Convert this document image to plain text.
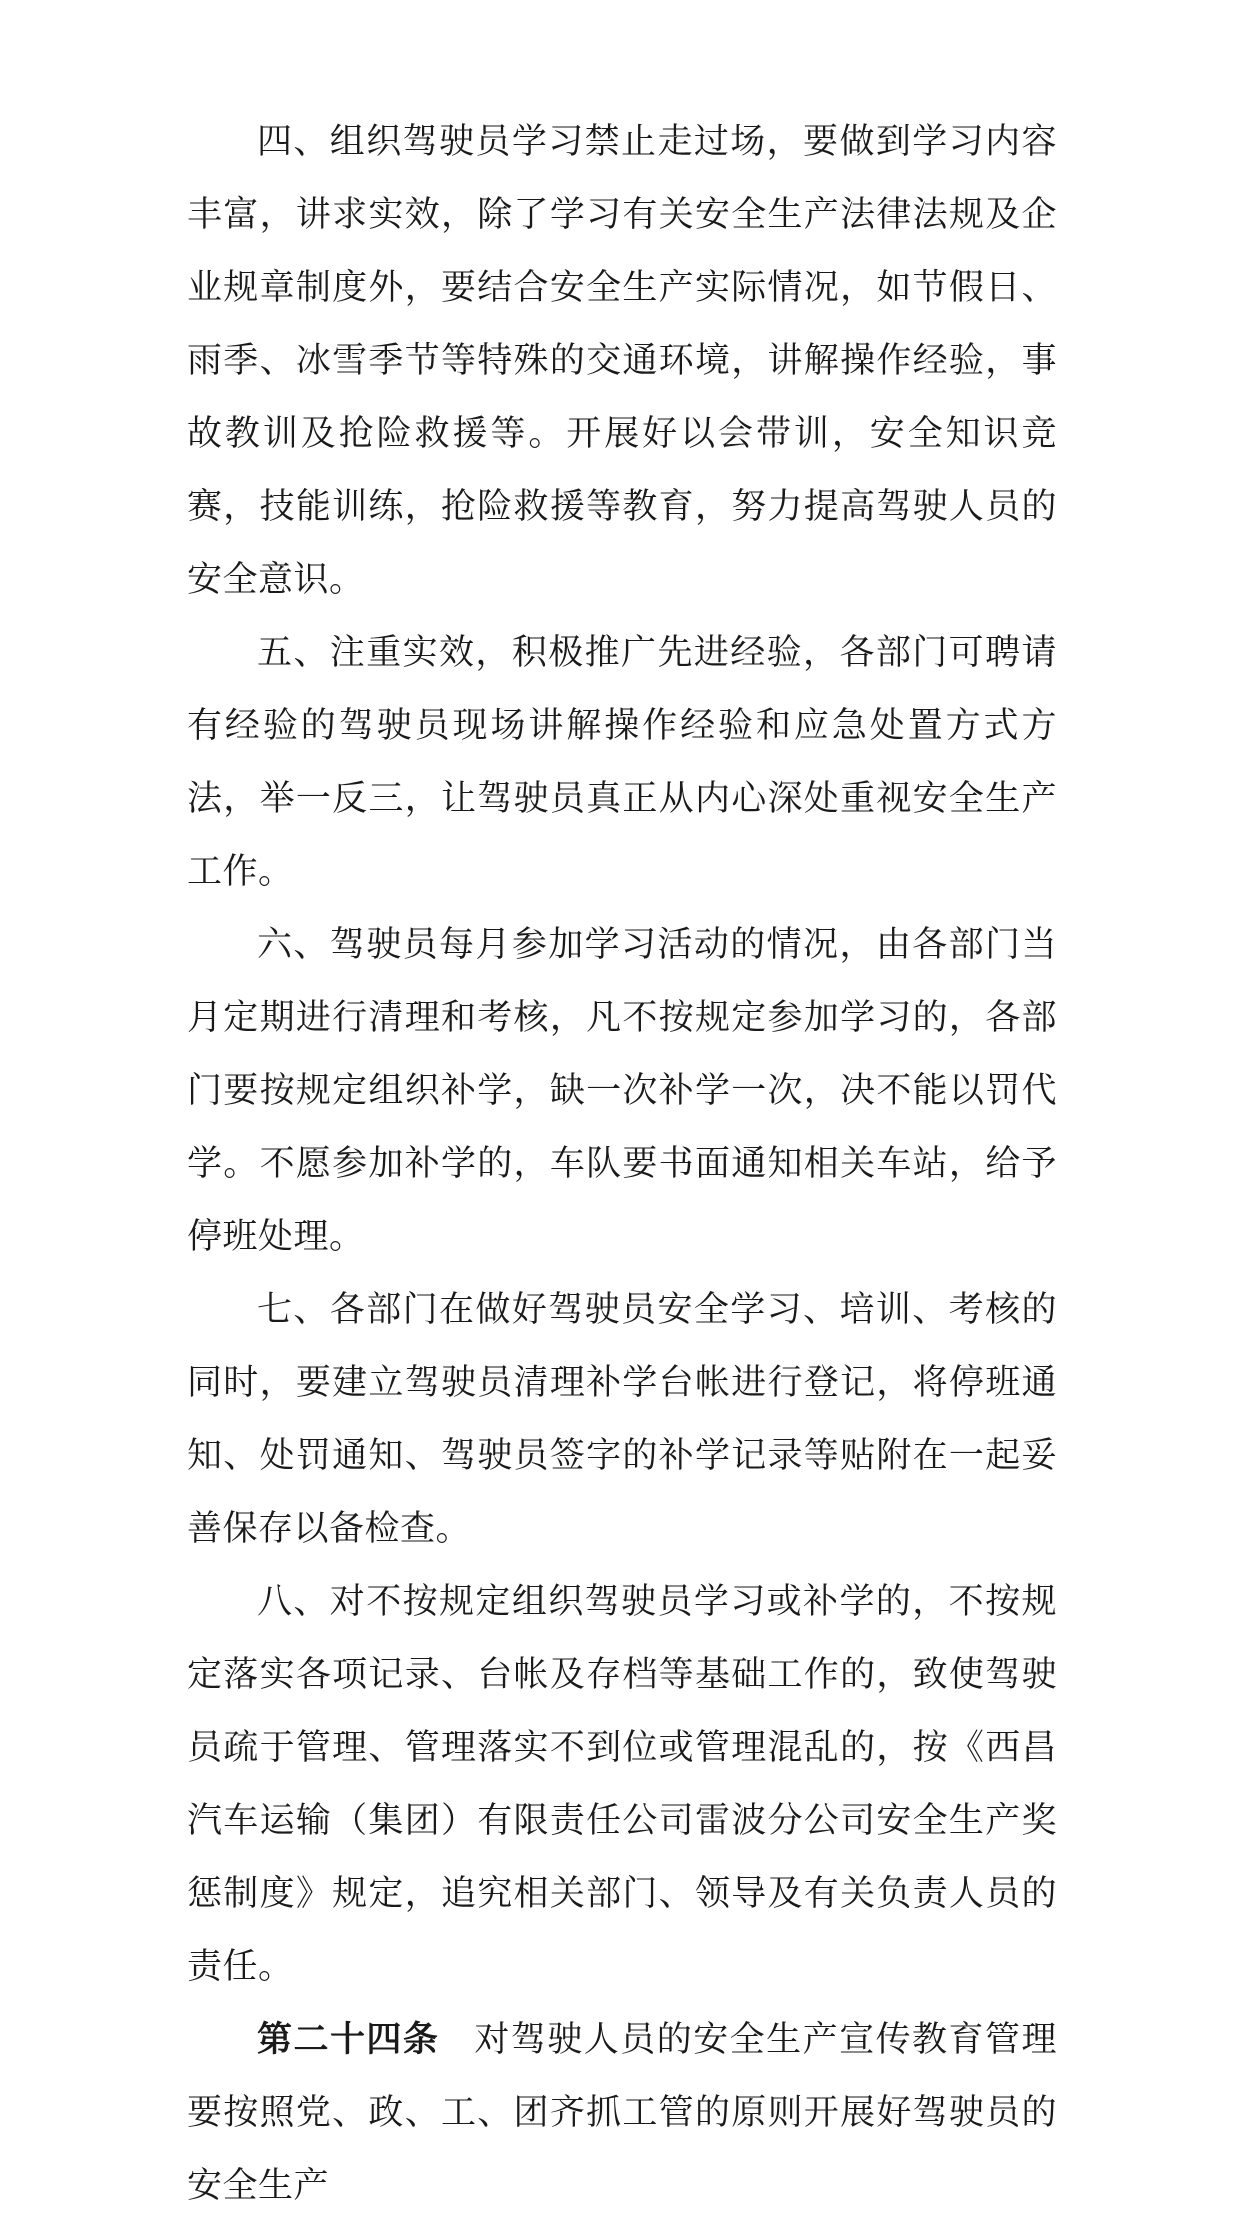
四、组织驾驶员学习禁止走过场，要做到学习内容丰富，讲求实效，除了学习有关安全生产法律法规及企业规章制度外，要结合安全生产实际情况，如节假日、雨季、冰雪季节等特殊的交通环境，讲解操作经验，事故教训及抢险救援等。开展好以会带训，安全知识竞赛，技能训练，抢险救援等教育，努力提高驾驶人员的安全意识。

五、注重实效，积极推广先进经验，各部门可聘请有经验的驾驶员现场讲解操作经验和应急处置方式方法，举一反三，让驾驶员真正从内心深处重视安全生产工作。

六、驾驶员每月参加学习活动的情况，由各部门当月定期进行清理和考核，凡不按规定参加学习的，各部门要按规定组织补学，缺一次补学一次，决不能以罚代学。不愿参加补学的，车队要书面通知相关车站，给予停班处理。

七、各部门在做好驾驶员安全学习、培训、考核的同时，要建立驾驶员清理补学台帐进行登记，将停班通知、处罚通知、驾驶员签字的补学记录等贴附在一起妥善保存以备检查。

八、对不按规定组织驾驶员学习或补学的，不按规定落实各项记录、台帐及存档等基础工作的，致使驾驶员疏于管理、管理落实不到位或管理混乱的，按《西昌汽车运输（集团）有限责任公司雷波分公司安全生产奖惩制度》规定，追究相关部门、领导及有关负责人员的责任。

第二十四条 对驾驶人员的安全生产宣传教育管理要按照党、政、工、团齐抓工管的原则开展好驾驶员的安全生产
